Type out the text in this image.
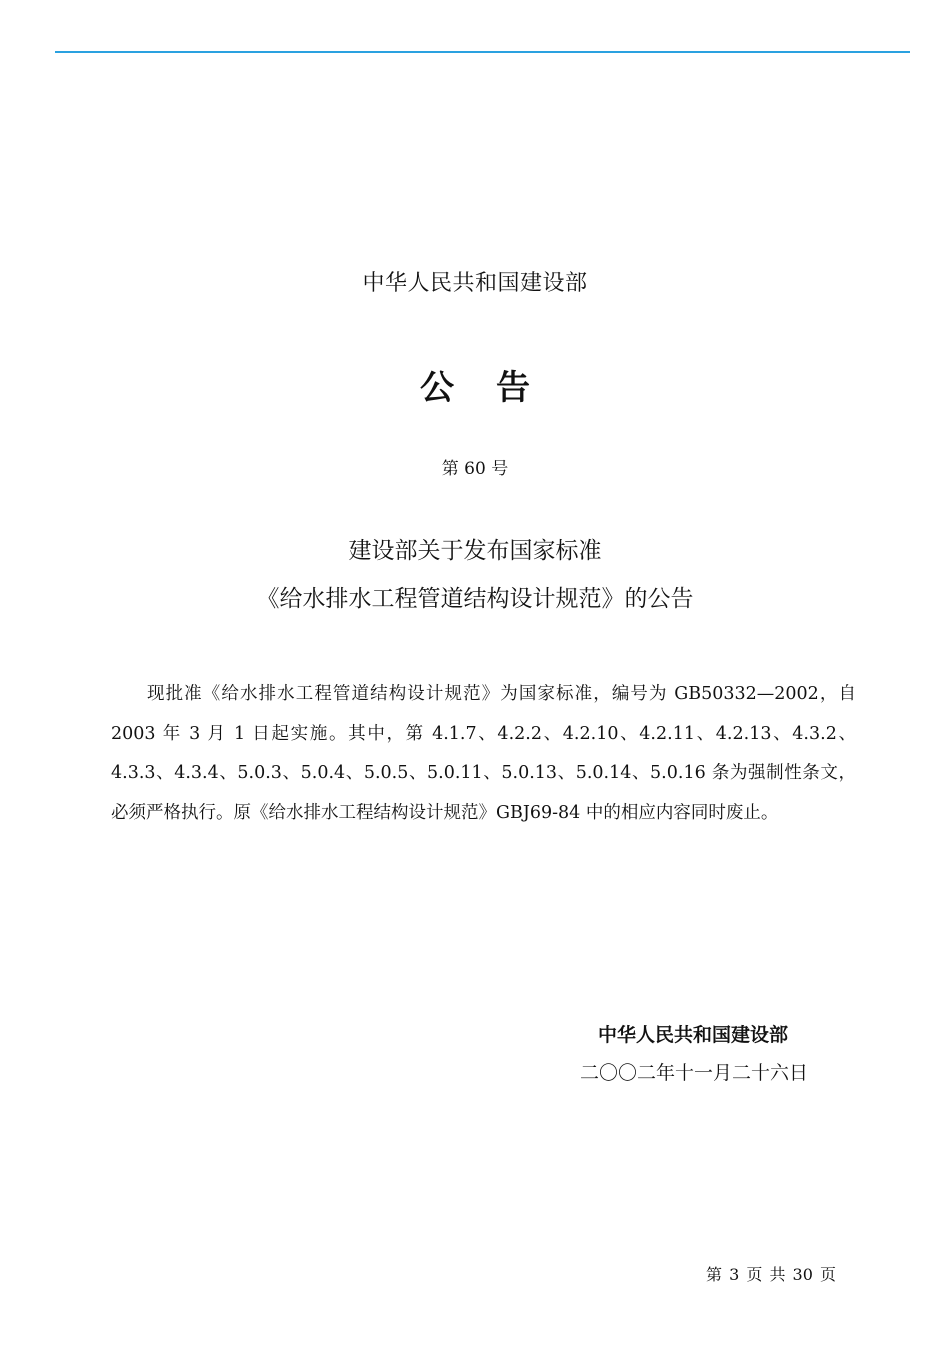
中华人民共和国建设部
公 告
第 60 号
建设部关于发布国家标准
《给水排水工程管道结构设计规范》的公告

现批准《给水排水工程管道结构设计规范》为国家标准，编号为 GB50332—2002，自 2003 年 3 月 1 日起实施。其中，第 4.1.7、4.2.2、4.2.10、4.2.11、4.2.13、4.3.2、4.3.3、4.3.4、5.0.3、5.0.4、5.0.5、5.0.11、5.0.13、5.0.14、5.0.16 条为强制性条文，必须严格执行。原《给水排水工程结构设计规范》GBJ69-84 中的相应内容同时废止。

中华人民共和国建设部
二〇〇二年十一月二十六日
第 3 页 共 30 页
